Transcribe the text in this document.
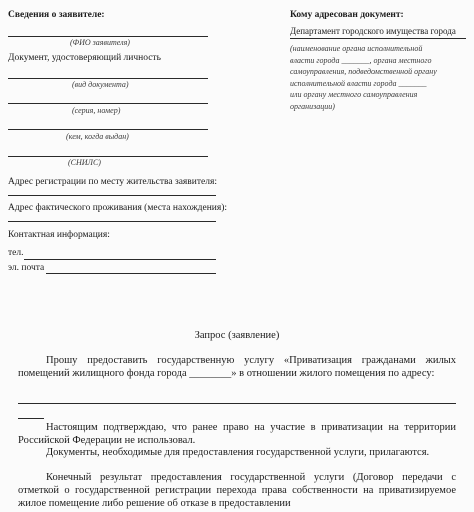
Сведения о заявителе:
(ФИО заявителя)
Документ, удостоверяющий личность
(вид документа)
(серия, номер)
(кем, когда выдан)
(СНИЛС)
Адрес регистрации по месту жительства заявителя:
Адрес фактического проживания (места нахождения):
Контактная информация:
тел.
эл. почта
Кому адресован документ:
Департамент городского имущества города
(наименование органа исполнительной
власти города _______, органа местного
самоуправления, подведомственной органу
исполнительной власти города _______
или органу местного самоуправления
организации)
Запрос (заявление)
Прошу предоставить государственную услугу «Приватизация гражданами жилых помещений жилищного фонда города ________» в отношении жилого помещения по адресу:
Настоящим подтверждаю, что ранее право на участие в приватизации на территории Российской Федерации не использовал.
Документы, необходимые для предоставления государственной услуги, прилагаются.
Конечный результат предоставления государственной услуги (Договор передачи с отметкой о государственной регистрации перехода права собственности на приватизируемое жилое помещение либо решение об отказе в предоставлении
